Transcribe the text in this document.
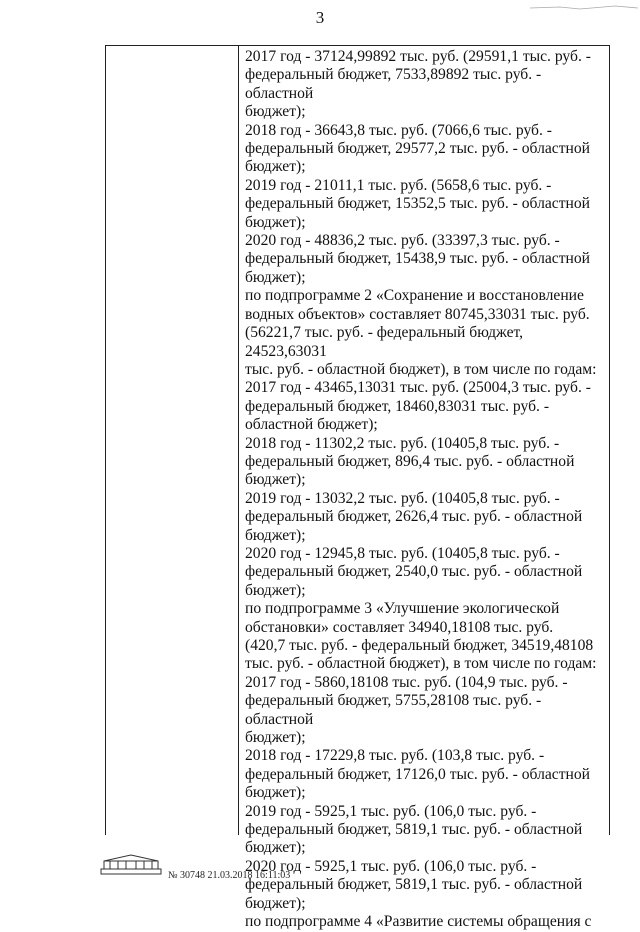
3
2017 год - 37124,99892 тыс. руб. (29591,1 тыс. руб. -
федеральный бюджет, 7533,89892 тыс. руб. - областной
бюджет);
2018 год - 36643,8 тыс. руб. (7066,6 тыс. руб. -
федеральный бюджет, 29577,2 тыс. руб. - областной
бюджет);
2019 год - 21011,1 тыс. руб. (5658,6 тыс. руб. -
федеральный бюджет, 15352,5 тыс. руб. - областной
бюджет);
2020 год - 48836,2 тыс. руб. (33397,3 тыс. руб. -
федеральный бюджет, 15438,9 тыс. руб. - областной
бюджет);
по подпрограмме 2 «Сохранение и восстановление
водных объектов» составляет 80745,33031 тыс. руб.
(56221,7 тыс. руб. - федеральный бюджет, 24523,63031
тыс. руб. - областной бюджет), в том числе по годам:
2017 год - 43465,13031 тыс. руб. (25004,3 тыс. руб. -
федеральный бюджет, 18460,83031 тыс. руб. -
областной бюджет);
2018 год - 11302,2 тыс. руб. (10405,8 тыс. руб. -
федеральный бюджет, 896,4 тыс. руб. - областной
бюджет);
2019 год - 13032,2 тыс. руб. (10405,8 тыс. руб. -
федеральный бюджет, 2626,4 тыс. руб. - областной
бюджет);
2020 год - 12945,8 тыс. руб. (10405,8 тыс. руб. -
федеральный бюджет, 2540,0 тыс. руб. - областной
бюджет);
по подпрограмме 3 «Улучшение экологической
обстановки» составляет 34940,18108 тыс. руб.
(420,7 тыс. руб. - федеральный бюджет, 34519,48108
тыс. руб. - областной бюджет), в том числе по годам:
2017 год - 5860,18108 тыс. руб. (104,9 тыс. руб. -
федеральный бюджет, 5755,28108 тыс. руб. - областной
бюджет);
2018 год - 17229,8 тыс. руб. (103,8 тыс. руб. -
федеральный бюджет, 17126,0 тыс. руб. - областной
бюджет);
2019 год - 5925,1 тыс. руб. (106,0 тыс. руб. -
федеральный бюджет, 5819,1 тыс. руб. - областной
бюджет);
2020 год - 5925,1 тыс. руб. (106,0 тыс. руб. -
федеральный бюджет, 5819,1 тыс. руб. - областной
бюджет);
по подпрограмме 4 «Развитие системы обращения с
№ 30748 21.03.2018 16:11:03
